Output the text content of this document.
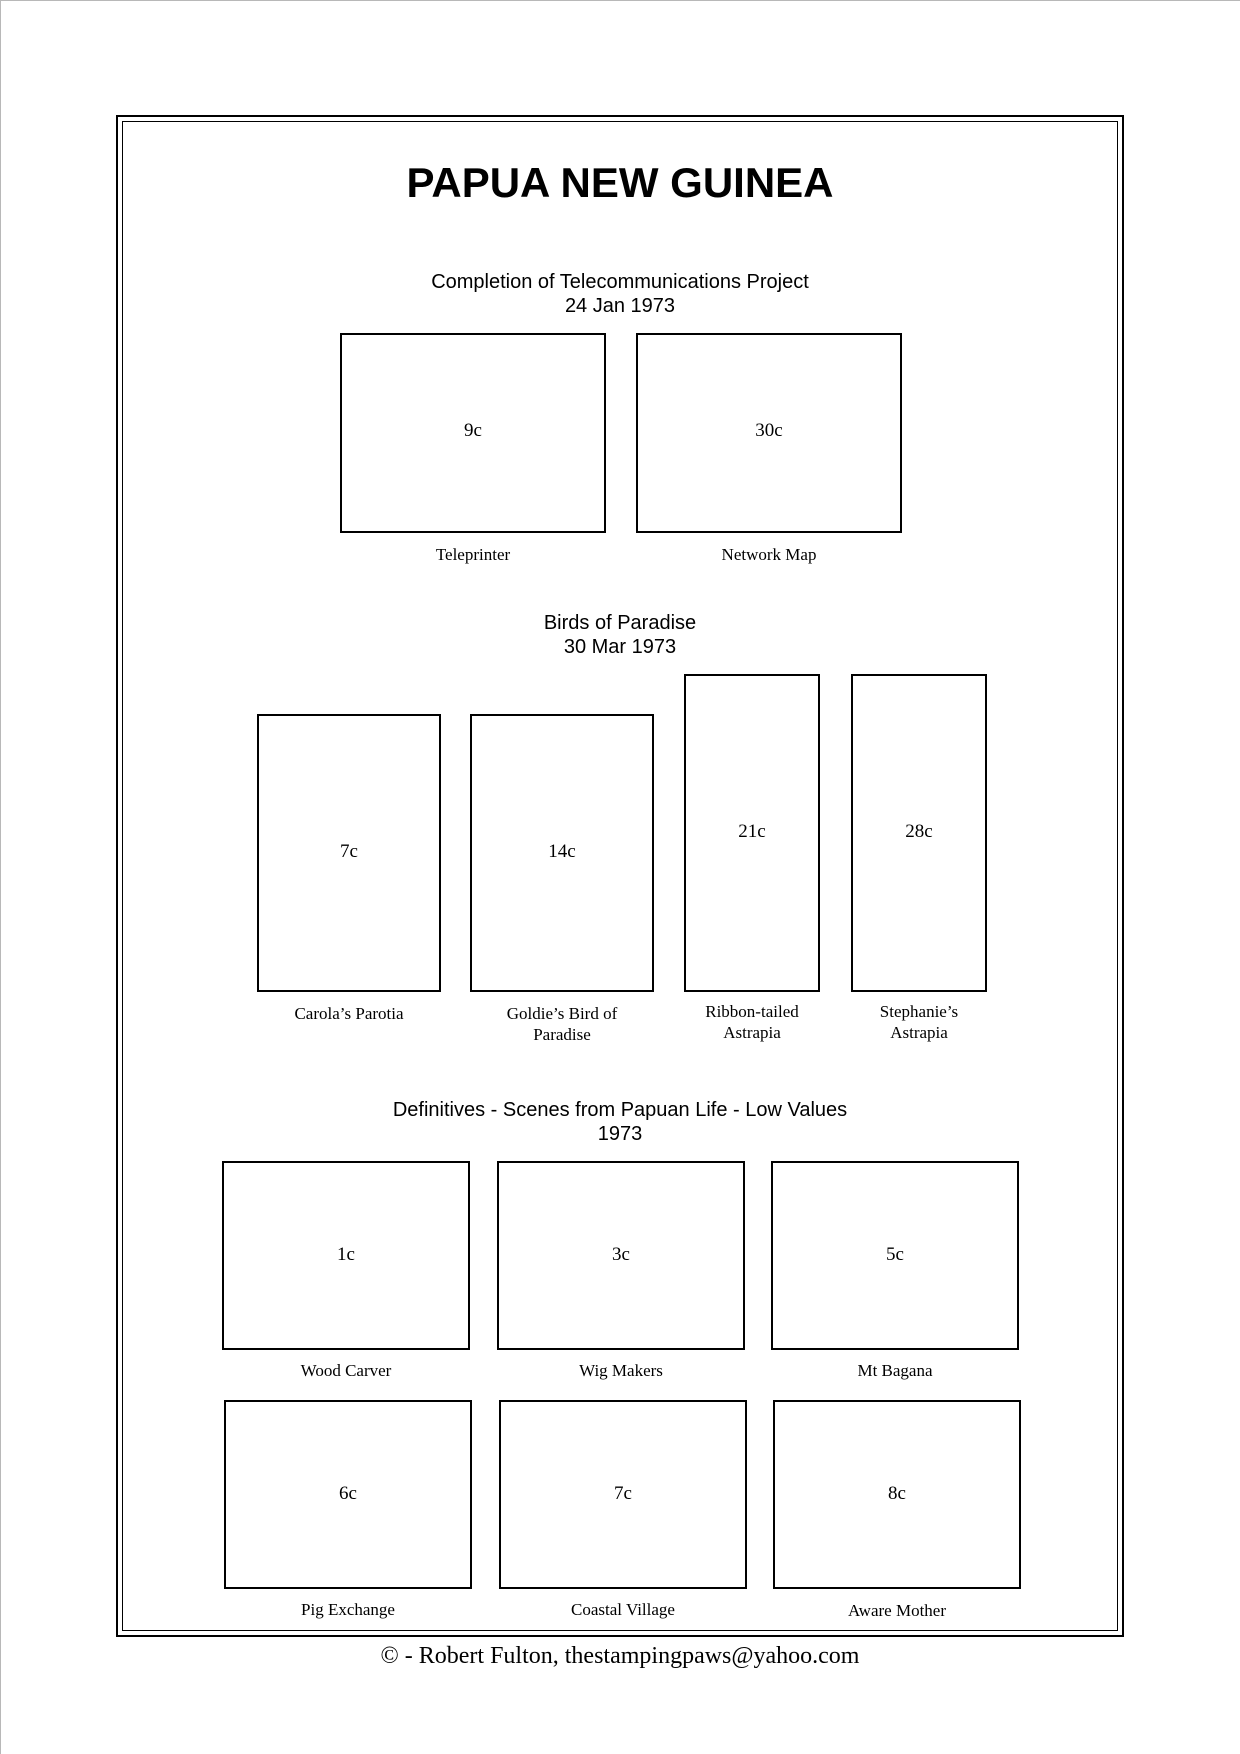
PAPUA NEW GUINEA
Completion of Telecommunications Project
24 Jan 1973
9c
Teleprinter
30c
Network Map
Birds of Paradise
30 Mar 1973
7c
Carola’s Parotia
14c
Goldie’s Bird of
Paradise
21c
Ribbon-tailed
Astrapia
28c
Stephanie’s
Astrapia
Definitives - Scenes from Papuan Life - Low Values
1973
1c
Wood Carver
3c
Wig Makers
5c
Mt Bagana
6c
Pig Exchange
7c
Coastal Village
8c
Aware Mother
© - Robert Fulton, thestampingpaws@yahoo.com
